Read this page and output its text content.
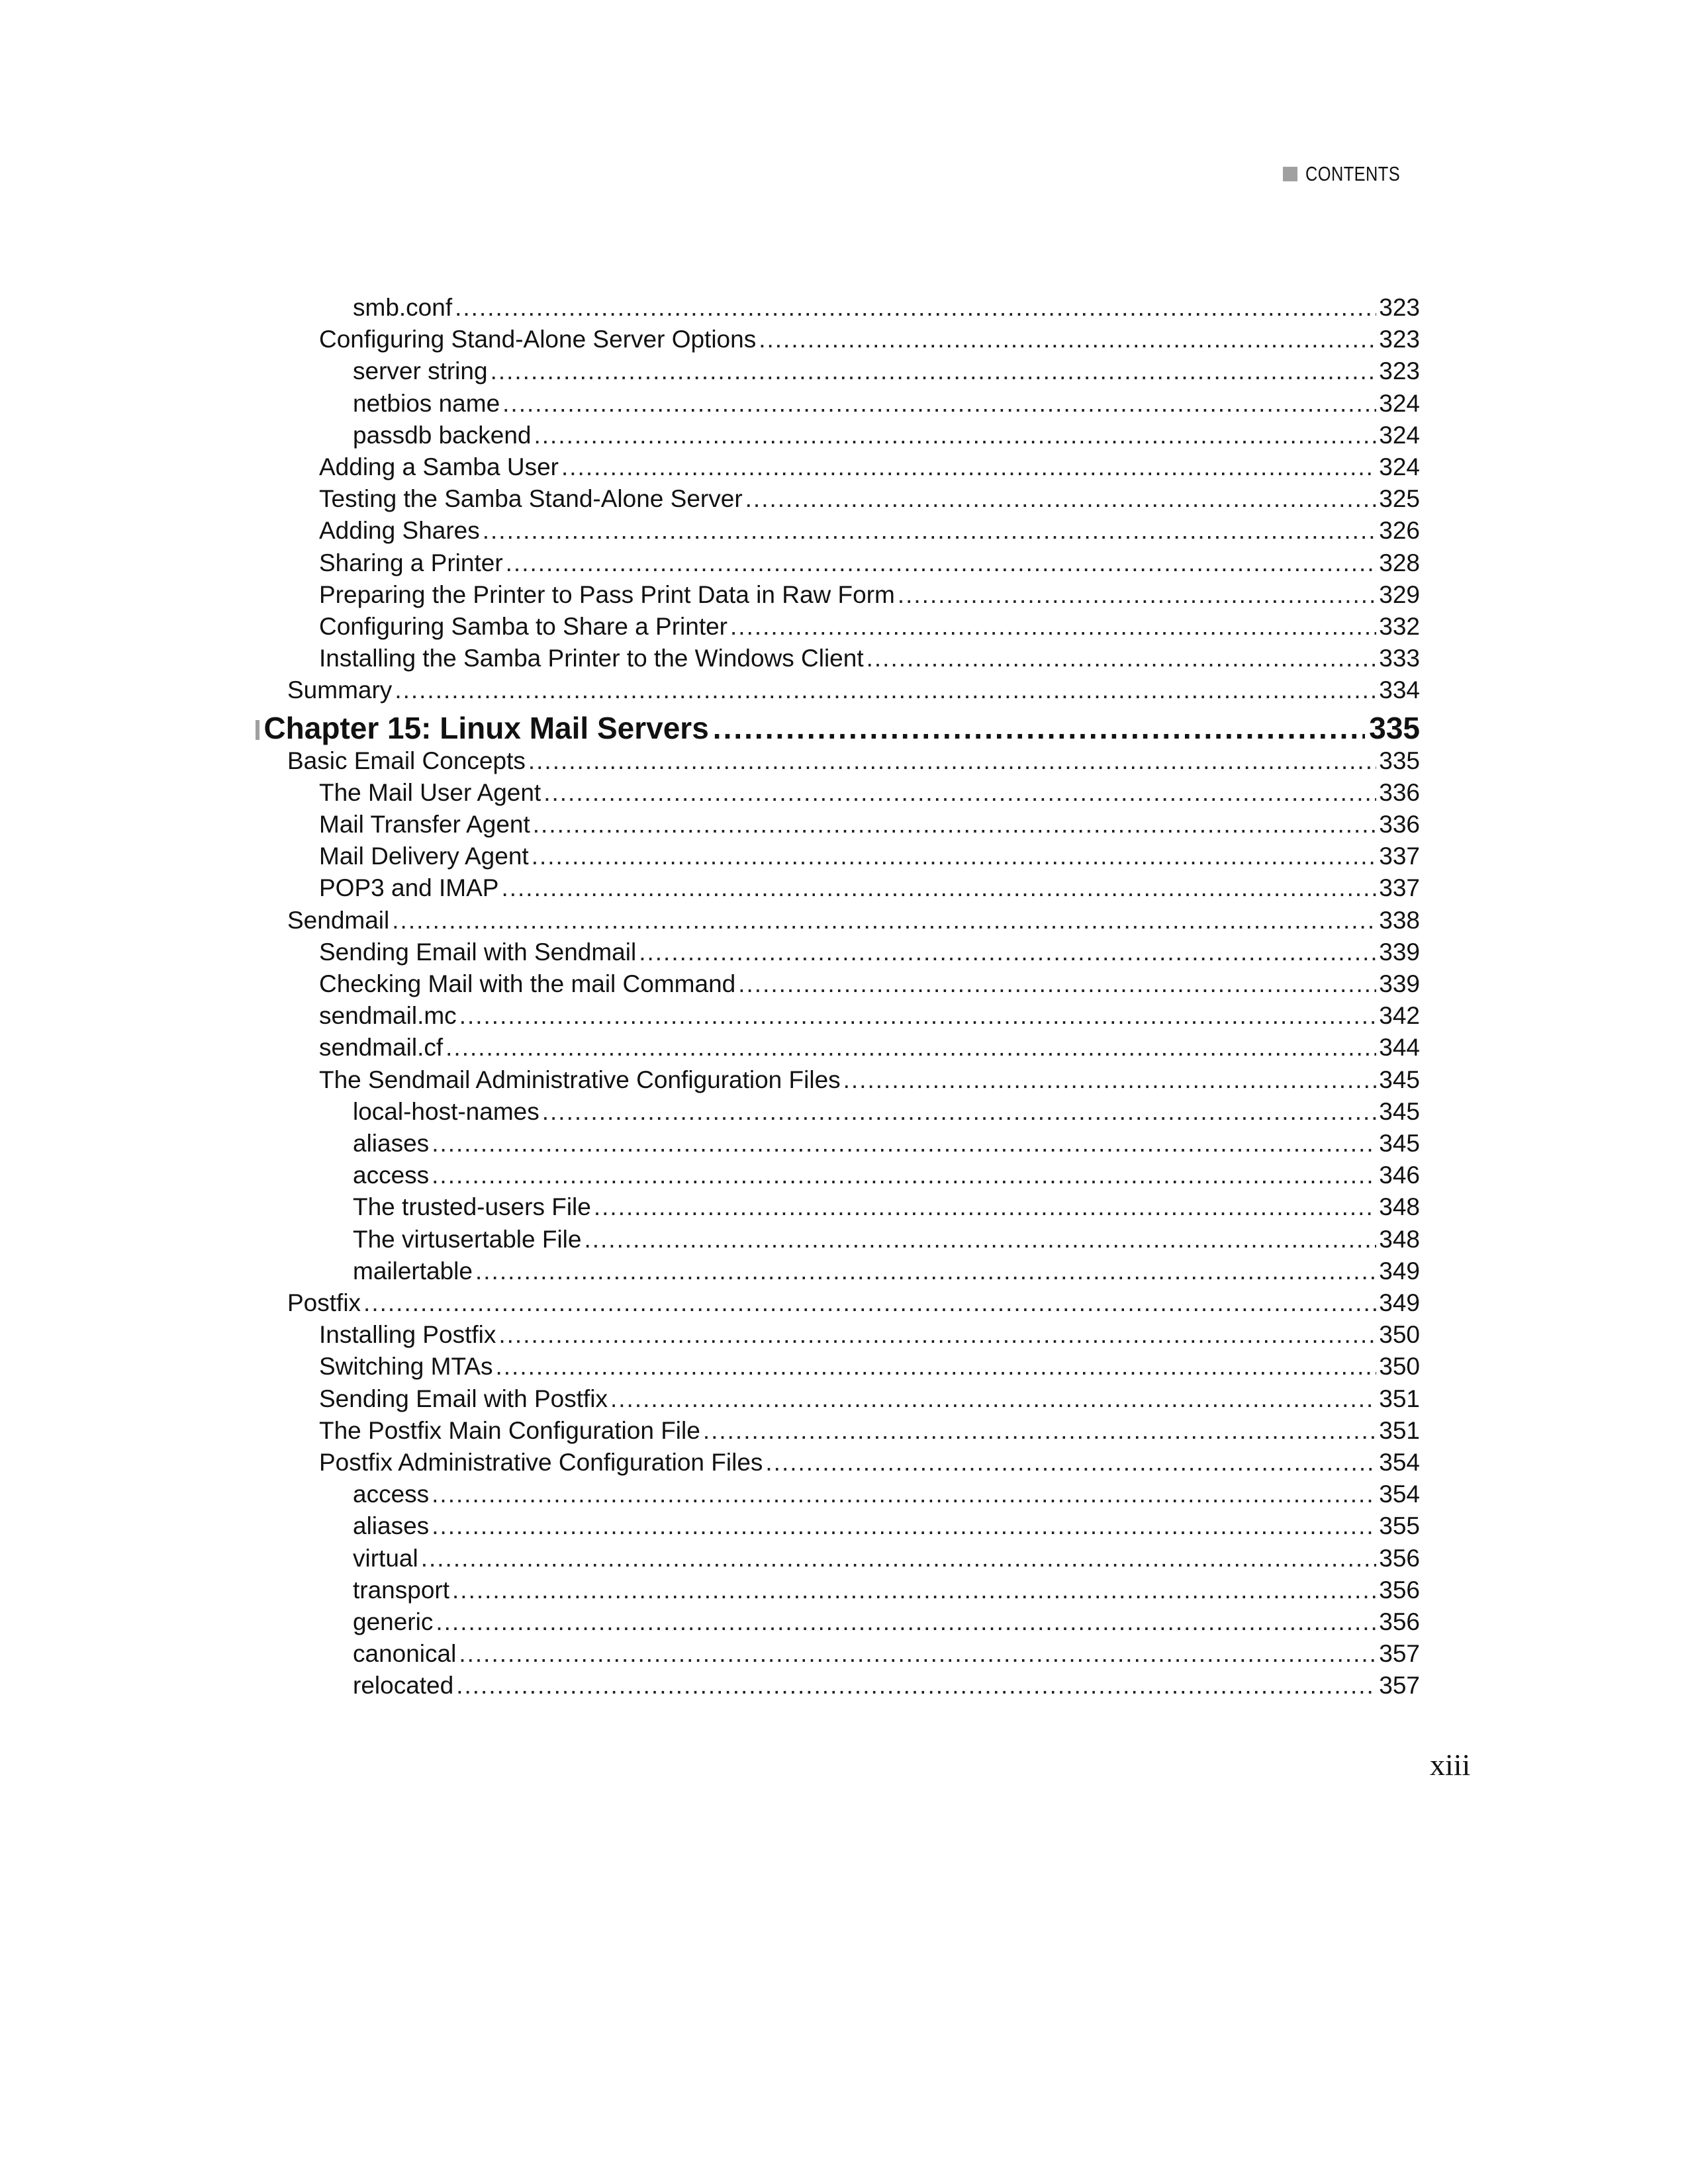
CONTENTS
smb.conf .....	323
Configuring Stand-Alone Server Options .....	323
server string .....	323
netbios name .....	324
passdb backend .....	324
Adding a Samba User .....	324
Testing the Samba Stand-Alone Server .....	325
Adding Shares .....	326
Sharing a Printer .....	328
Preparing the Printer to Pass Print Data in Raw Form .....	329
Configuring Samba to Share a Printer .....	332
Installing the Samba Printer to the Windows Client .....	333
Summary .....	334
Chapter 15: Linux Mail Servers .....	335
Basic Email Concepts .....	335
The Mail User Agent .....	336
Mail Transfer Agent .....	336
Mail Delivery Agent .....	337
POP3 and IMAP .....	337
Sendmail .....	338
Sending Email with Sendmail .....	339
Checking Mail with the mail Command .....	339
sendmail.mc .....	342
sendmail.cf .....	344
The Sendmail Administrative Configuration Files .....	345
local-host-names .....	345
aliases .....	345
access .....	346
The trusted-users File .....	348
The virtusertable File .....	348
mailertable .....	349
Postfix .....	349
Installing Postfix .....	350
Switching MTAs .....	350
Sending Email with Postfix .....	351
The Postfix Main Configuration File .....	351
Postfix Administrative Configuration Files .....	354
access .....	354
aliases .....	355
virtual .....	356
transport .....	356
generic .....	356
canonical .....	357
relocated .....	357
xiii
